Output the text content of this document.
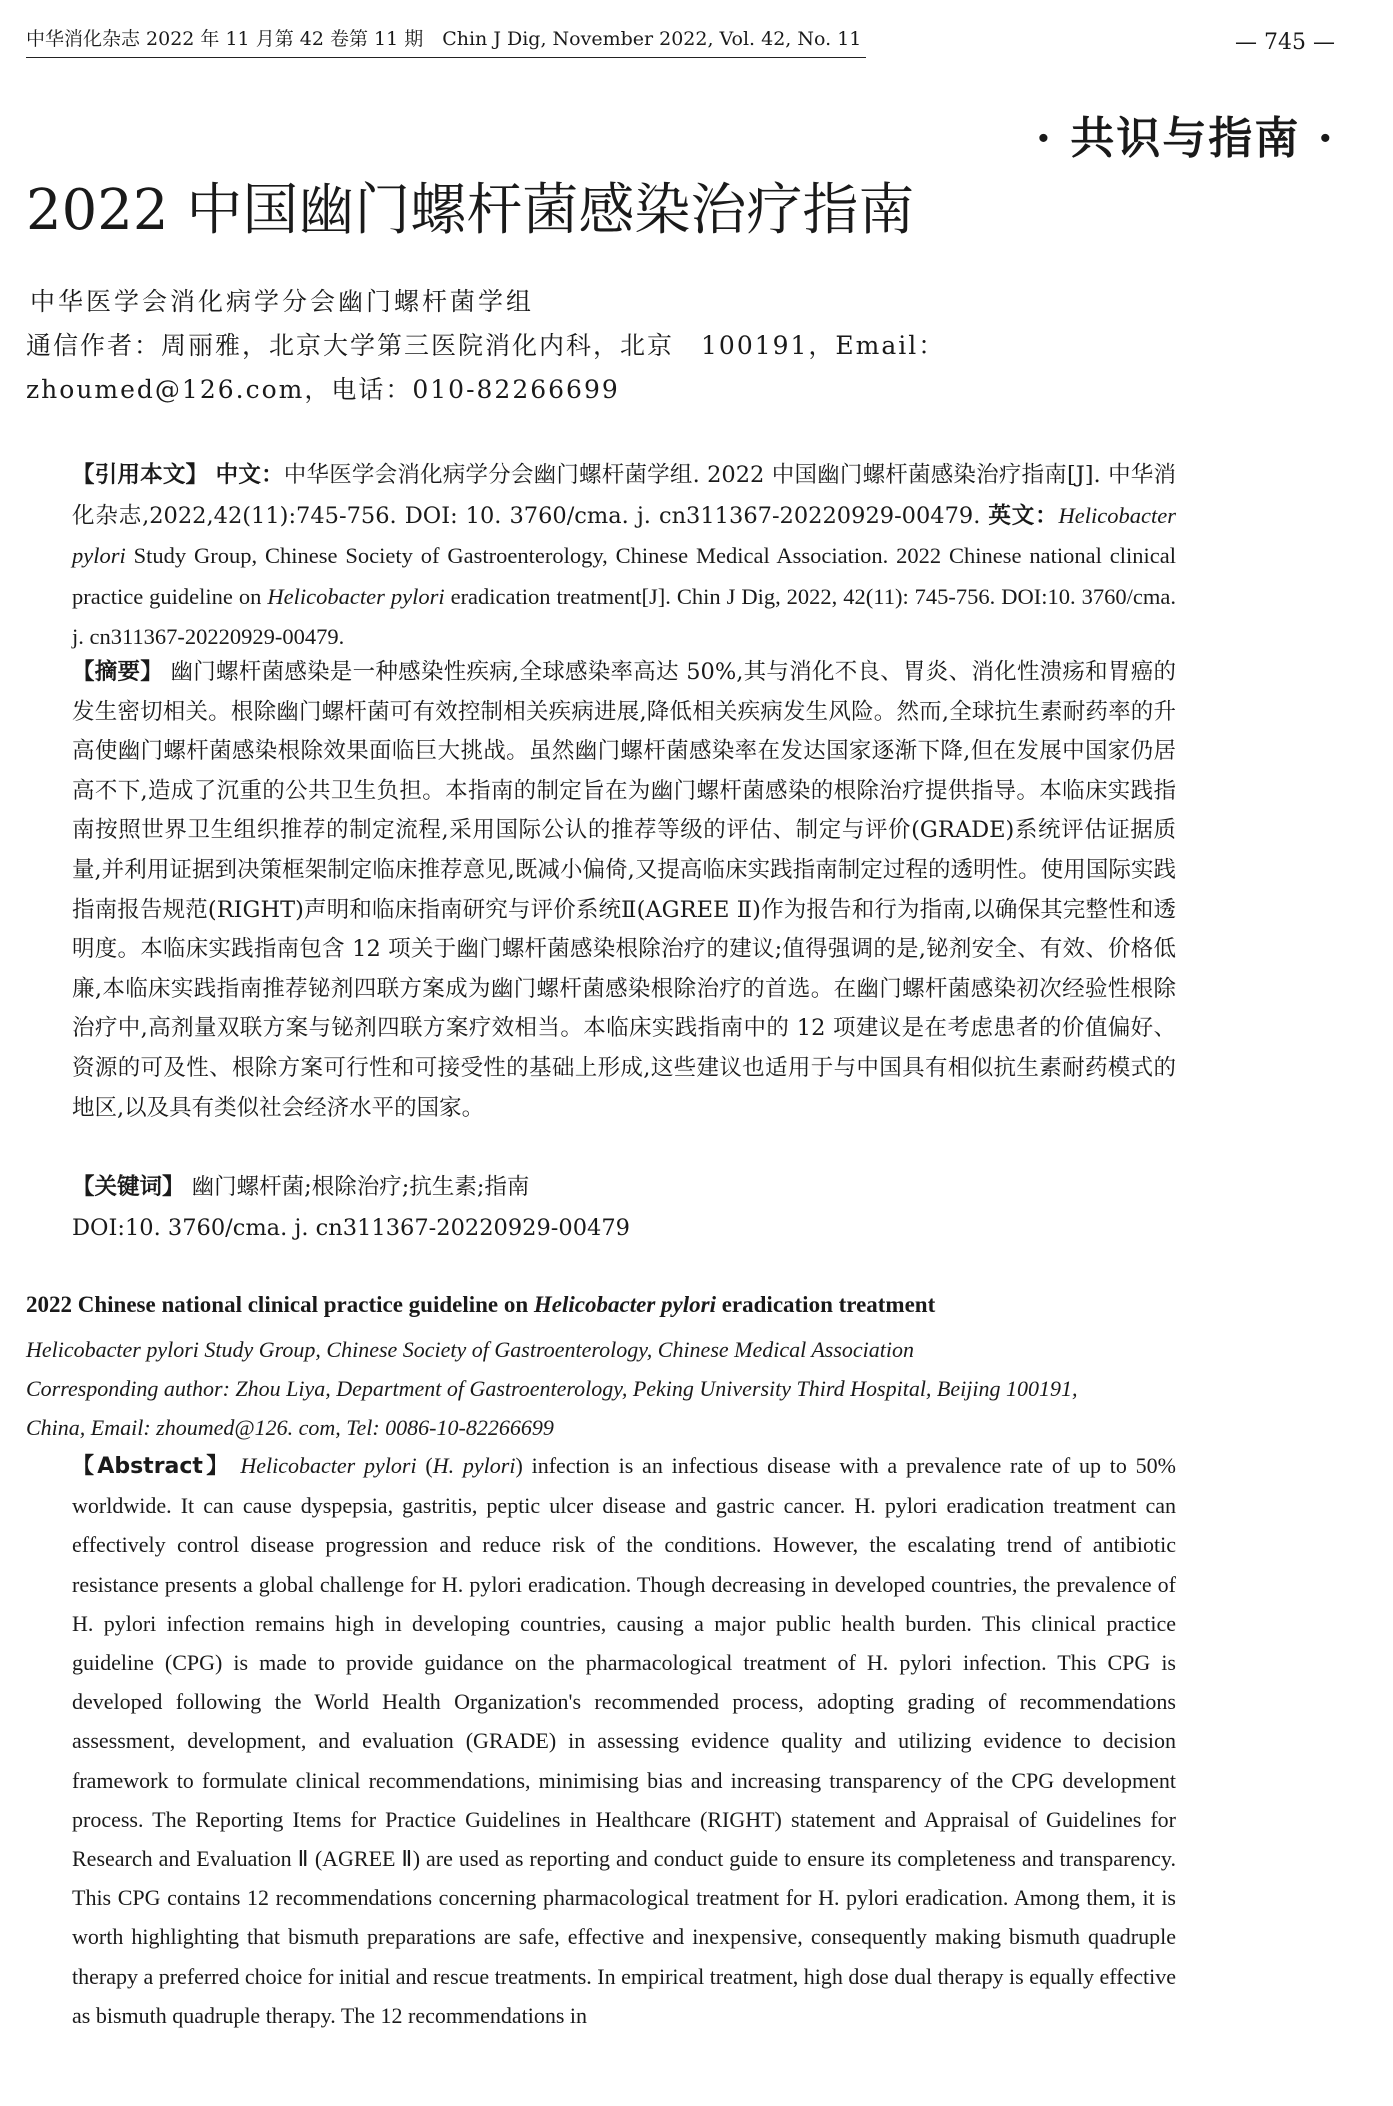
中华消化杂志 2022 年 11 月第 42 卷第 11 期　Chin J Dig, November 2022, Vol. 42, No. 11	— 745 —
· 共识与指南 ·
2022 中国幽门螺杆菌感染治疗指南
中华医学会消化病学分会幽门螺杆菌学组
通信作者：周丽雅，北京大学第三医院消化内科，北京　100191，Email：zhoumed@126.com，电话：010-82266699

【引用本文】 中文：中华医学会消化病学分会幽门螺杆菌学组. 2022 中国幽门螺杆菌感染治疗指南[J]. 中华消化杂志,2022,42(11):745-756. DOI: 10. 3760/cma. j. cn311367-20220929-00479. 英文：Helicobacter pylori Study Group, Chinese Society of Gastroenterology, Chinese Medical Association. 2022 Chinese national clinical practice guideline on Helicobacter pylori eradication treatment[J]. Chin J Dig, 2022, 42(11): 745-756. DOI:10. 3760/cma. j. cn311367-20220929-00479.

【摘要】 幽门螺杆菌感染是一种感染性疾病,全球感染率高达 50%,其与消化不良、胃炎、消化性溃疡和胃癌的发生密切相关。根除幽门螺杆菌可有效控制相关疾病进展,降低相关疾病发生风险。然而,全球抗生素耐药率的升高使幽门螺杆菌感染根除效果面临巨大挑战。虽然幽门螺杆菌感染率在发达国家逐渐下降,但在发展中国家仍居高不下,造成了沉重的公共卫生负担。本指南的制定旨在为幽门螺杆菌感染的根除治疗提供指导。本临床实践指南按照世界卫生组织推荐的制定流程,采用国际公认的推荐等级的评估、制定与评价(GRADE)系统评估证据质量,并利用证据到决策框架制定临床推荐意见,既减小偏倚,又提高临床实践指南制定过程的透明性。使用国际实践指南报告规范(RIGHT)声明和临床指南研究与评价系统Ⅱ(AGREE Ⅱ)作为报告和行为指南,以确保其完整性和透明度。本临床实践指南包含 12 项关于幽门螺杆菌感染根除治疗的建议;值得强调的是,铋剂安全、有效、价格低廉,本临床实践指南推荐铋剂四联方案成为幽门螺杆菌感染根除治疗的首选。在幽门螺杆菌感染初次经验性根除治疗中,高剂量双联方案与铋剂四联方案疗效相当。本临床实践指南中的 12 项建议是在考虑患者的价值偏好、资源的可及性、根除方案可行性和可接受性的基础上形成,这些建议也适用于与中国具有相似抗生素耐药模式的地区,以及具有类似社会经济水平的国家。

【关键词】 幽门螺杆菌;根除治疗;抗生素;指南

DOI:10. 3760/cma. j. cn311367-20220929-00479

2022 Chinese national clinical practice guideline on Helicobacter pylori eradication treatment

Helicobacter pylori Study Group, Chinese Society of Gastroenterology, Chinese Medical Association

Corresponding author: Zhou Liya, Department of Gastroenterology, Peking University Third Hospital, Beijing 100191, China, Email: zhoumed@126. com, Tel: 0086-10-82266699

【Abstract】 Helicobacter pylori (H. pylori) infection is an infectious disease with a prevalence rate of up to 50% worldwide. It can cause dyspepsia, gastritis, peptic ulcer disease and gastric cancer. H. pylori eradication treatment can effectively control disease progression and reduce risk of the conditions. However, the escalating trend of antibiotic resistance presents a global challenge for H. pylori eradication. Though decreasing in developed countries, the prevalence of H. pylori infection remains high in developing countries, causing a major public health burden. This clinical practice guideline (CPG) is made to provide guidance on the pharmacological treatment of H. pylori infection. This CPG is developed following the World Health Organization's recommended process, adopting grading of recommendations assessment, development, and evaluation (GRADE) in assessing evidence quality and utilizing evidence to decision framework to formulate clinical recommendations, minimising bias and increasing transparency of the CPG development process. The Reporting Items for Practice Guidelines in Healthcare (RIGHT) statement and Appraisal of Guidelines for Research and Evaluation Ⅱ (AGREE Ⅱ) are used as reporting and conduct guide to ensure its completeness and transparency. This CPG contains 12 recommendations concerning pharmacological treatment for H. pylori eradication. Among them, it is worth highlighting that bismuth preparations are safe, effective and inexpensive, consequently making bismuth quadruple therapy a preferred choice for initial and rescue treatments. In empirical treatment, high dose dual therapy is equally effective as bismuth quadruple therapy. The 12 recommendations in
